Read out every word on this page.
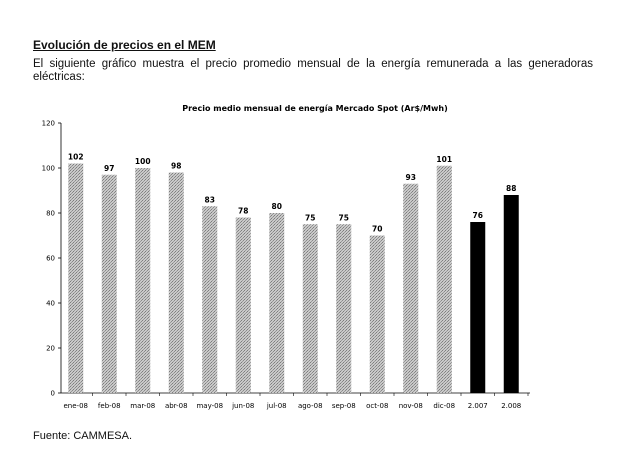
Evolución de precios en el MEM
El siguiente gráfico muestra el precio promedio mensual de la energía remunerada a las generadoras eléctricas:
Precio medio mensual de energía Mercado Spot (Ar$/Mwh)
0
20
40
60
80
100
120
102
ene-08
97
feb-08
100
mar-08
98
abr-08
83
may-08
78
jun-08
80
jul-08
75
ago-08
75
sep-08
70
oct-08
93
nov-08
101
dic-08
76
2.007
88
2.008
Fuente: CAMMESA.
